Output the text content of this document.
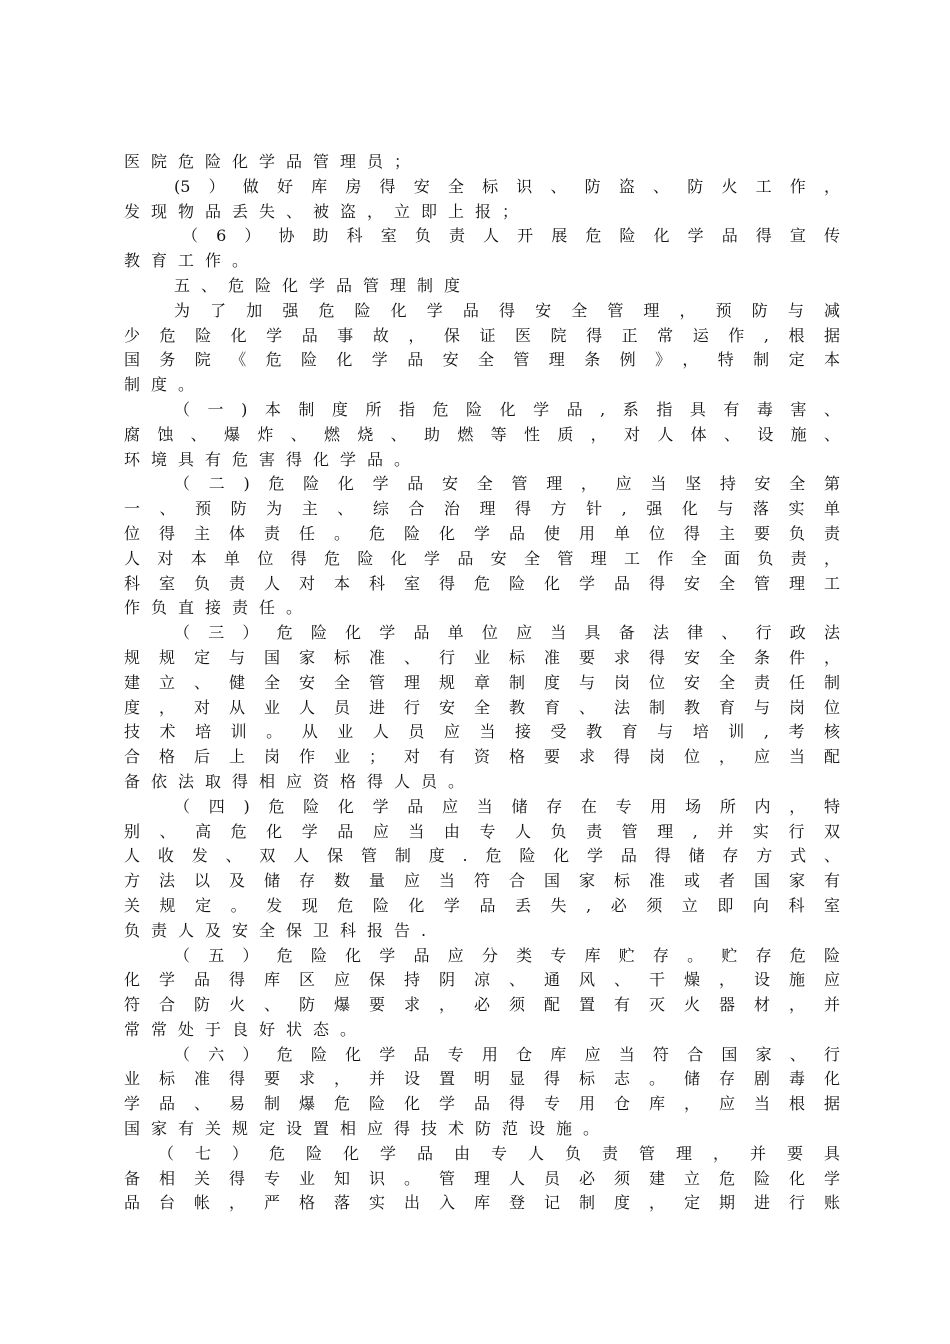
医院危险化学品管理员；
(5）做好库房得安全标识、防盗、防火工作，
发现物品丢失、被盗，立即上报；
（6）协助科室负责人开展危险化学品得宣传
教育工作。
五、危险化学品管理制度
为了加强危险化学品得安全管理，预防与减
少危险化学品事故，保证医院得正常运作,根据
国务院《危险化学品安全管理条例》，特制定本
制度。
（一)本制度所指危险化学品,系指具有毒害、
腐蚀、爆炸、燃烧、助燃等性质，对人体、设施、
环境具有危害得化学品。
（二)危险化学品安全管理，应当坚持安全第
一、预防为主、综合治理得方针,强化与落实单
位得主体责任。危险化学品使用单位得主要负责
人对本单位得危险化学品安全管理工作全面负责，
科室负责人对本科室得危险化学品得安全管理工
作负直接责任。
（三）危险化学品单位应当具备法律、行政法
规规定与国家标准、行业标准要求得安全条件，
建立、健全安全管理规章制度与岗位安全责任制
度，对从业人员进行安全教育、法制教育与岗位
技术培训。从业人员应当接受教育与培训,考核
合格后上岗作业；对有资格要求得岗位，应当配
备依法取得相应资格得人员。
（四)危险化学品应当储存在专用场所内，特
别、高危化学品应当由专人负责管理,并实行双
人收发、双人保管制度.危险化学品得储存方式、
方法以及储存数量应当符合国家标准或者国家有
关规定。发现危险化学品丢失,必须立即向科室
负责人及安全保卫科报告.
（五）危险化学品应分类专库贮存。贮存危险
化学品得库区应保持阴凉、通风、干燥，设施应
符合防火、防爆要求，必须配置有灭火器材，并
常常处于良好状态。
（六）危险化学品专用仓库应当符合国家、行
业标准得要求，并设置明显得标志。储存剧毒化
学品、易制爆危险化学品得专用仓库，应当根据
国家有关规定设置相应得技术防范设施。
（七）危险化学品由专人负责管理，并要具
备相关得专业知识。管理人员必须建立危险化学
品台帐，严格落实出入库登记制度，定期进行账
